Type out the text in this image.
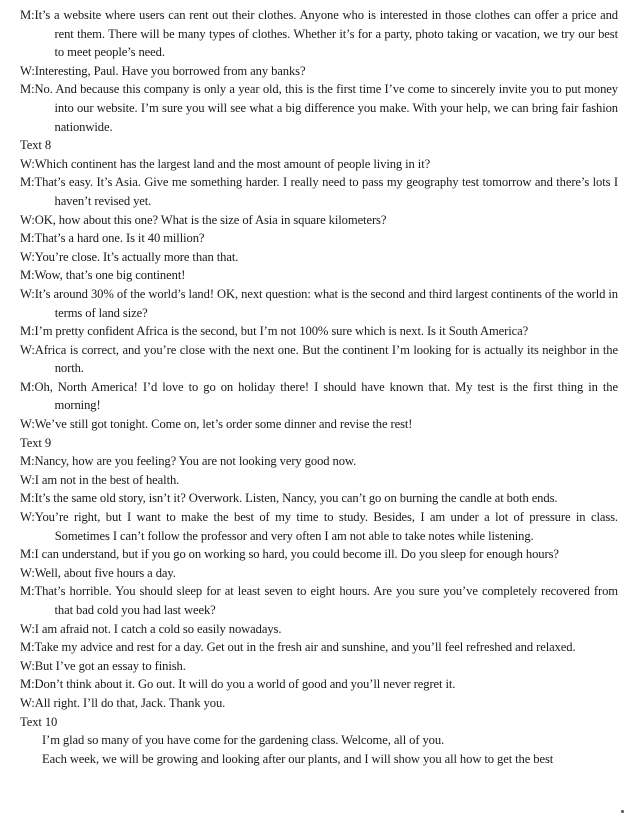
M: It’s a website where users can rent out their clothes. Anyone who is interested in those clothes can offer a price and rent them. There will be many types of clothes. Whether it’s for a party, photo taking or vacation, we try our best to meet people’s need.
W: Interesting, Paul. Have you borrowed from any banks?
M: No. And because this company is only a year old, this is the first time I’ve come to sincerely invite you to put money into our website. I’m sure you will see what a big difference you make. With your help, we can bring fair fashion nationwide.
Text 8
W: Which continent has the largest land and the most amount of people living in it?
M: That’s easy. It’s Asia. Give me something harder. I really need to pass my geography test tomorrow and there’s lots I haven’t revised yet.
W: OK, how about this one? What is the size of Asia in square kilometers?
M: That’s a hard one. Is it 40 million?
W: You’re close. It’s actually more than that.
M: Wow, that’s one big continent!
W: It’s around 30% of the world’s land! OK, next question: what is the second and third largest continents of the world in terms of land size?
M: I’m pretty confident Africa is the second, but I’m not 100% sure which is next. Is it South America?
W: Africa is correct, and you’re close with the next one. But the continent I’m looking for is actually its neighbor in the north.
M: Oh, North America! I’d love to go on holiday there! I should have known that. My test is the first thing in the morning!
W: We’ve still got tonight. Come on, let’s order some dinner and revise the rest!
Text 9
M: Nancy, how are you feeling? You are not looking very good now.
W: I am not in the best of health.
M: It’s the same old story, isn’t it? Overwork. Listen, Nancy, you can’t go on burning the candle at both ends.
W: You’re right, but I want to make the best of my time to study. Besides, I am under a lot of pressure in class. Sometimes I can’t follow the professor and very often I am not able to take notes while listening.
M: I can understand, but if you go on working so hard, you could become ill. Do you sleep for enough hours?
W: Well, about five hours a day.
M: That’s horrible. You should sleep for at least seven to eight hours. Are you sure you’ve completely recovered from that bad cold you had last week?
W: I am afraid not. I catch a cold so easily nowadays.
M: Take my advice and rest for a day. Get out in the fresh air and sunshine, and you’ll feel refreshed and relaxed.
W: But I’ve got an essay to finish.
M: Don’t think about it. Go out. It will do you a world of good and you’ll never regret it.
W: All right. I’ll do that, Jack. Thank you.
Text 10

I’m glad so many of you have come for the gardening class. Welcome, all of you.

Each week, we will be growing and looking after our plants, and I will show you all how to get the best
